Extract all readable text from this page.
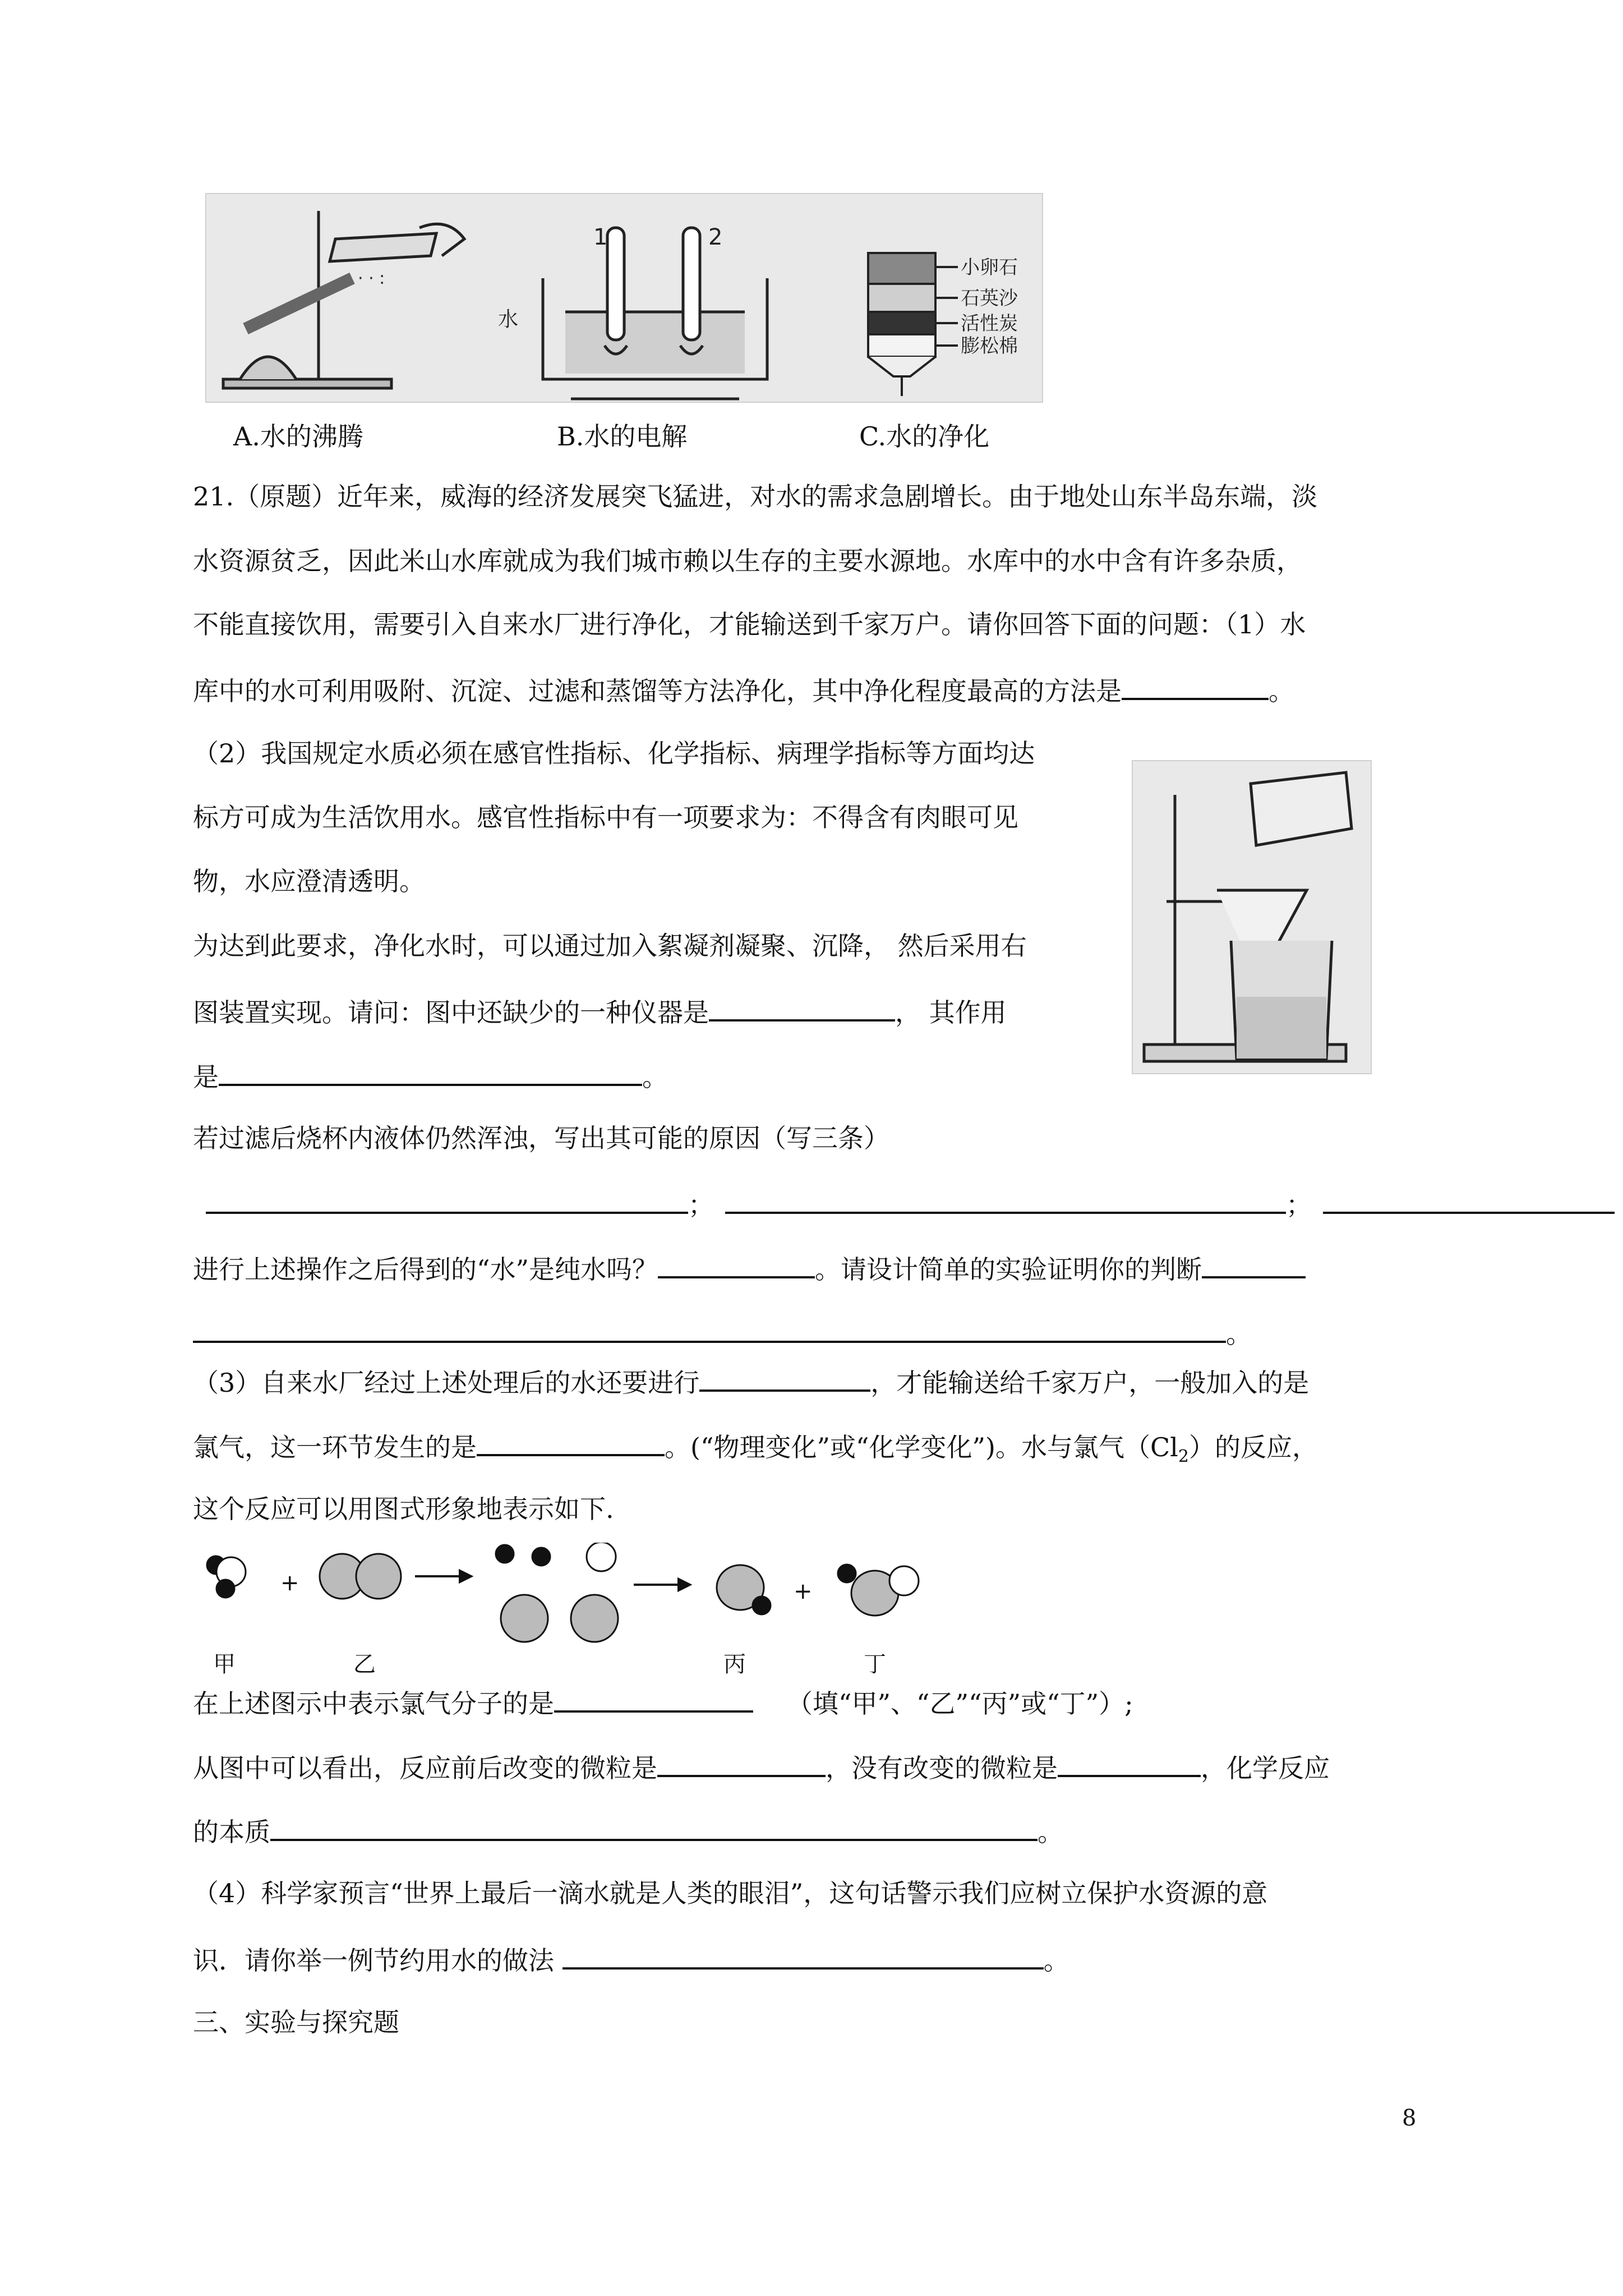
· · :
1	2
水
小卵石
石英沙
活性炭
膨松棉
A.水的沸腾	B.水的电解	C.水的净化
21.（原题）近年来，威海的经济发展突飞猛进，对水的需求急剧增长。由于地处山东半岛东端，淡
水资源贫乏，因此米山水库就成为我们城市赖以生存的主要水源地。水库中的水中含有许多杂质，
不能直接饮用，需要引入自来水厂进行净化，才能输送到千家万户。请你回答下面的问题：（1）水
库中的水可利用吸附、沉淀、过滤和蒸馏等方法净化，其中净化程度最高的方法是	。
（2）我国规定水质必须在感官性指标、化学指标、病理学指标等方面均达
标方可成为生活饮用水。感官性指标中有一项要求为：不得含有肉眼可见
物，水应澄清透明。
为达到此要求，净化水时，可以通过加入絮凝剂凝聚、沉降， 然后采用右
图装置实现。请问：图中还缺少的一种仪器是	， 其作用
是	。
若过滤后烧杯内液体仍然浑浊，写出其可能的原因（写三条）
；	；
进行上述操作之后得到的“水”是纯水吗？	。请设计简单的实验证明你的判断
。
（3）自来水厂经过上述处理后的水还要进行	，才能输送给千家万户，一般加入的是
氯气，这一环节发生的是	。(“物理变化”或“化学变化”)。水与氯气$(Cl_2)$的反应，
这个反应可以用图式形象地表示如下.
+	+
甲	乙	丙	丁
在上述图示中表示氯气分子的是	（填“甲”、“乙”“丙”或“丁”）;
从图中可以看出，反应前后改变的微粒是	，没有改变的微粒是	，化学反应
的本质	。
（4）科学家预言“世界上最后一滴水就是人类的眼泪”，这句话警示我们应树立保护水资源的意
识．请你举一例节约用水的做法	。
三、实验与探究题
8
